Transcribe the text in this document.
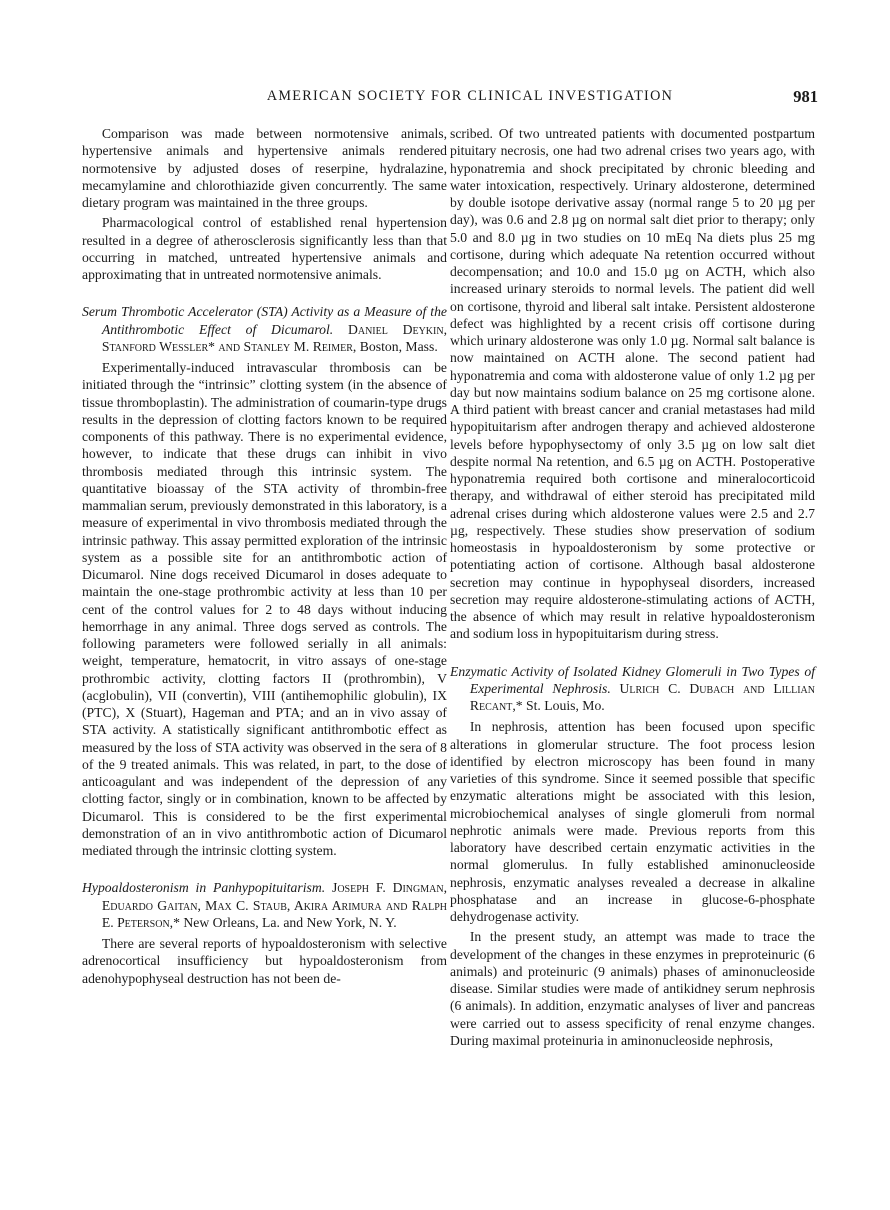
AMERICAN SOCIETY FOR CLINICAL INVESTIGATION	981

Comparison was made between normotensive animals, hypertensive animals and hypertensive animals rendered normotensive by adjusted doses of reserpine, hydralazine, mecamylamine and chlorothiazide given concurrently. The same dietary program was maintained in the three groups.

Pharmacological control of established renal hypertension resulted in a degree of atherosclerosis significantly less than that occurring in matched, untreated hypertensive animals and approximating that in untreated normotensive animals.

Serum Thrombotic Accelerator (STA) Activity as a Measure of the Antithrombotic Effect of Dicumarol. Daniel Deykin, Stanford Wessler* and Stanley M. Reimer, Boston, Mass.

Experimentally-induced intravascular thrombosis can be initiated through the “intrinsic” clotting system (in the absence of tissue thromboplastin). The administration of coumarin-type drugs results in the depression of clotting factors known to be required components of this pathway. There is no experimental evidence, however, to indicate that these drugs can inhibit in vivo thrombosis mediated through this intrinsic system. The quantitative bioassay of the STA activity of thrombin-free mammalian serum, previously demonstrated in this laboratory, is a measure of experimental in vivo thrombosis mediated through the intrinsic pathway. This assay permitted exploration of the intrinsic system as a possible site for an antithrombotic action of Dicumarol. Nine dogs received Dicumarol in doses adequate to maintain the one-stage prothrombic activity at less than 10 per cent of the control values for 2 to 48 days without inducing hemorrhage in any animal. Three dogs served as controls. The following parameters were followed serially in all animals: weight, temperature, hematocrit, in vitro assays of one-stage prothrombic activity, clotting factors II (prothrombin), V (acglobulin), VII (convertin), VIII (antihemophilic globulin), IX (PTC), X (Stuart), Hageman and PTA; and an in vivo assay of STA activity. A statistically significant antithrombotic effect as measured by the loss of STA activity was observed in the sera of 8 of the 9 treated animals. This was related, in part, to the dose of anticoagulant and was independent of the depression of any clotting factor, singly or in combination, known to be affected by Dicumarol. This is considered to be the first experimental demonstration of an in vivo antithrombotic action of Dicumarol mediated through the intrinsic clotting system.

Hypoaldosteronism in Panhypopituitarism. Joseph F. Dingman, Eduardo Gaitan, Max C. Staub, Akira Arimura and Ralph E. Peterson,* New Orleans, La. and New York, N. Y.

There are several reports of hypoaldosteronism with selective adrenocortical insufficiency but hypoaldosteronism from adenohypophyseal destruction has not been de-

scribed. Of two untreated patients with documented postpartum pituitary necrosis, one had two adrenal crises two years ago, with hyponatremia and shock precipitated by chronic bleeding and water intoxication, respectively. Urinary aldosterone, determined by double isotope derivative assay (normal range 5 to 20 µg per day), was 0.6 and 2.8 µg on normal salt diet prior to therapy; only 5.0 and 8.0 µg in two studies on 10 mEq Na diets plus 25 mg cortisone, during which adequate Na retention occurred without decompensation; and 10.0 and 15.0 µg on ACTH, which also increased urinary steroids to normal levels. The patient did well on cortisone, thyroid and liberal salt intake. Persistent aldosterone defect was highlighted by a recent crisis off cortisone during which urinary aldosterone was only 1.0 µg. Normal salt balance is now maintained on ACTH alone. The second patient had hyponatremia and coma with aldosterone value of only 1.2 µg per day but now maintains sodium balance on 25 mg cortisone alone. A third patient with breast cancer and cranial metastases had mild hypopituitarism after androgen therapy and achieved aldosterone levels before hypophysectomy of only 3.5 µg on low salt diet despite normal Na retention, and 6.5 µg on ACTH. Postoperative hyponatremia required both cortisone and mineralocorticoid therapy, and withdrawal of either steroid has precipitated mild adrenal crises during which aldosterone values were 2.5 and 2.7 µg, respectively. These studies show preservation of sodium homeostasis in hypoaldosteronism by some protective or potentiating action of cortisone. Although basal aldosterone secretion may continue in hypophyseal disorders, increased secretion may require aldosterone-stimulating actions of ACTH, the absence of which may result in relative hypoaldosteronism and sodium loss in hypopituitarism during stress.

Enzymatic Activity of Isolated Kidney Glomeruli in Two Types of Experimental Nephrosis. Ulrich C. Dubach and Lillian Recant,* St. Louis, Mo.

In nephrosis, attention has been focused upon specific alterations in glomerular structure. The foot process lesion identified by electron microscopy has been found in many varieties of this syndrome. Since it seemed possible that specific enzymatic alterations might be associated with this lesion, microbiochemical analyses of single glomeruli from normal nephrotic animals were made. Previous reports from this laboratory have described certain enzymatic activities in the normal glomerulus. In fully established aminonucleoside nephrosis, enzymatic analyses revealed a decrease in alkaline phosphatase and an increase in glucose-6-phosphate dehydrogenase activity.

In the present study, an attempt was made to trace the development of the changes in these enzymes in preproteinuric (6 animals) and proteinuric (9 animals) phases of aminonucleoside disease. Similar studies were made of antikidney serum nephrosis (6 animals). In addition, enzymatic analyses of liver and pancreas were carried out to assess specificity of renal enzyme changes. During maximal proteinuria in aminonucleoside nephrosis,
